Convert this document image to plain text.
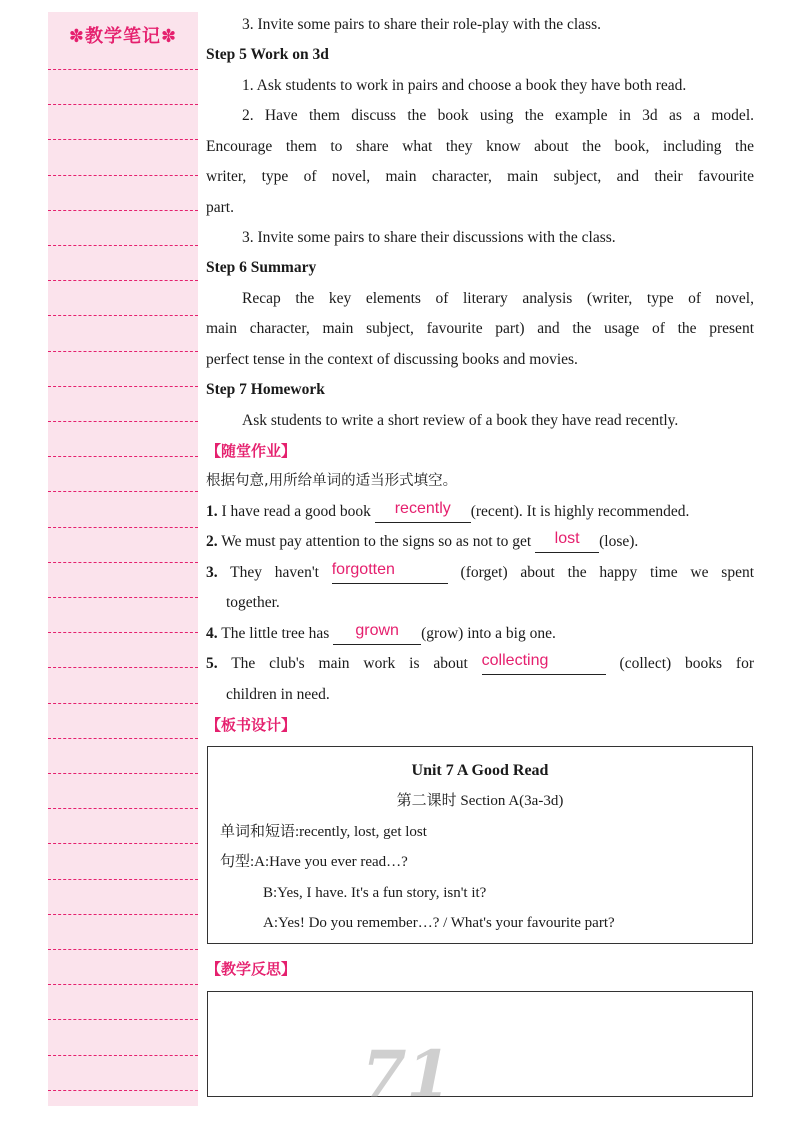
✽教学笔记✽
3. Invite some pairs to share their role-play with the class.
Step 5 Work on 3d
1. Ask students to work in pairs and choose a book they have both read.
2. Have them discuss the book using the example in 3d as a model.
Encourage them to share what they know about the book, including the
writer, type of novel, main character, main subject, and their favourite
part.
3. Invite some pairs to share their discussions with the class.
Step 6 Summary
Recap the key elements of literary analysis (writer, type of novel,
main character, main subject, favourite part) and the usage of the present
perfect tense in the context of discussing books and movies.
Step 7 Homework
Ask students to write a short review of a book they have read recently.
【随堂作业】
根据句意,用所给单词的适当形式填空。
1. I have read a good book recently (recent). It is highly recommended.
2. We must pay attention to the signs so as not to get lost (lose).
3. They haven't forgotten	(forget) about the happy time we spent
together.
4. The little tree has grown (grow) into a big one.
5. The club's main work is about collecting	(collect) books for
children in need.
【板书设计】
【教学反思】
Unit 7 A Good Read
第二课时 Section A(3a-3d)
单词和短语:recently, lost, get lost
句型:A:Have you ever read…?
B:Yes, I have. It's a fun story, isn't it?
A:Yes! Do you remember…? / What's your favourite part?
71
